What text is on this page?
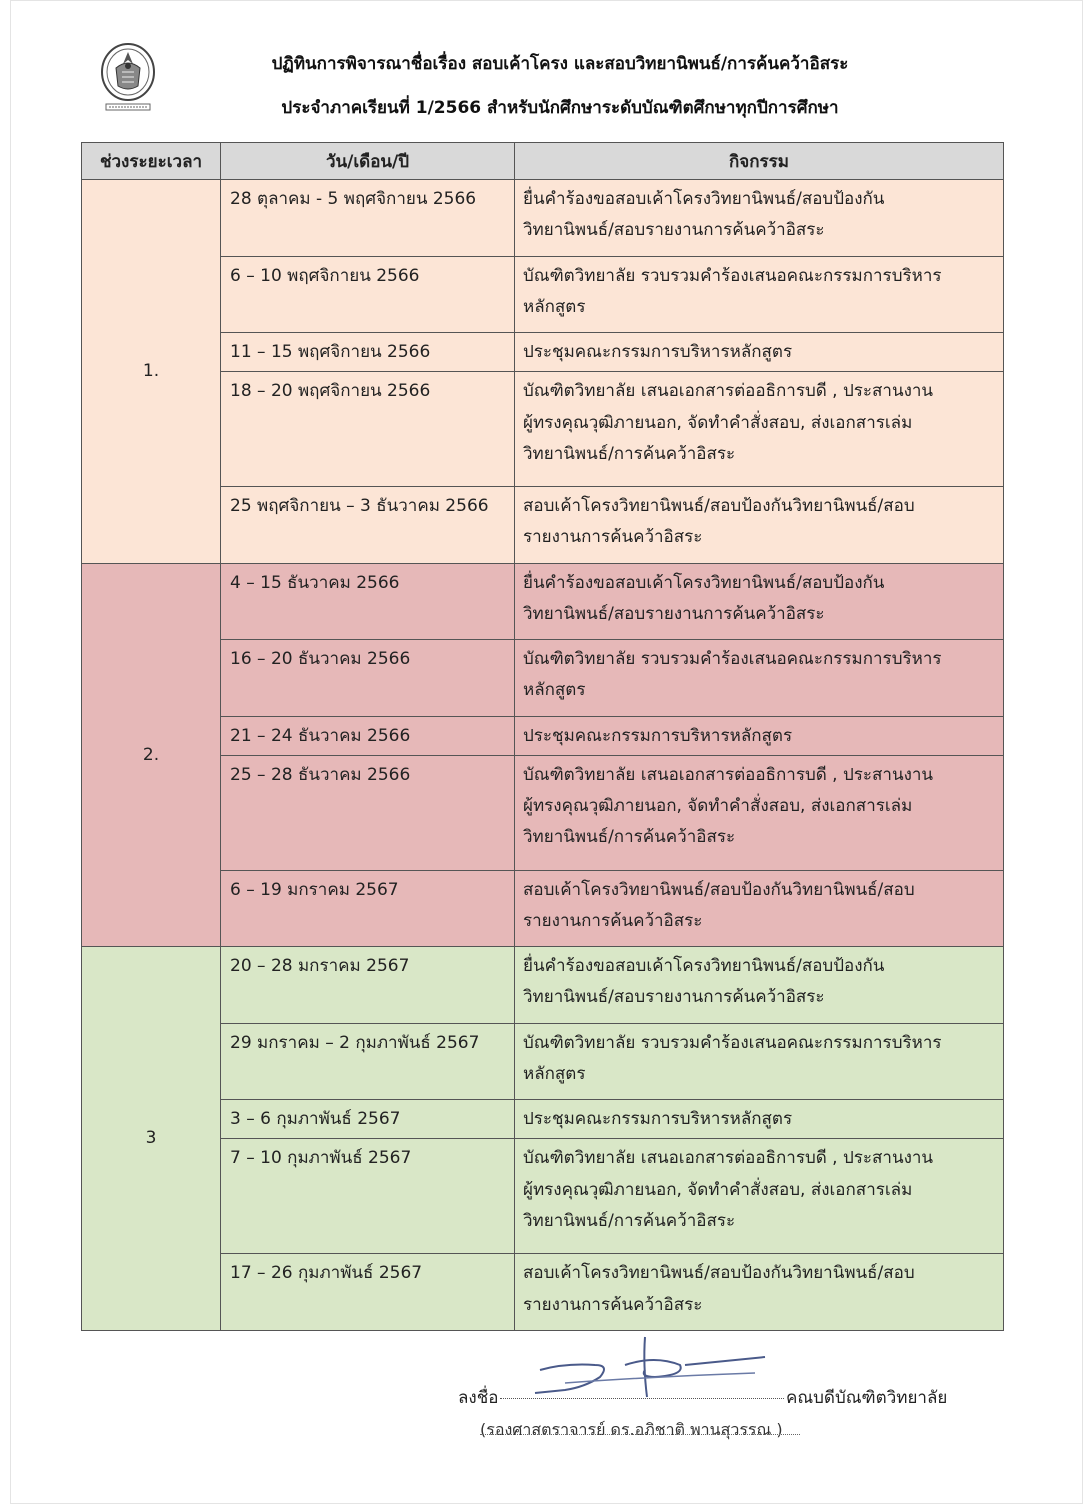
ปฏิทินการพิจารณาชื่อเรื่อง สอบเค้าโครง และสอบวิทยานิพนธ์/การค้นคว้าอิสระ
ประจำภาคเรียนที่ 1/2566 สำหรับนักศึกษาระดับบัณฑิตศึกษาทุกปีการศึกษา
ช่วงระยะเวลา	วัน/เดือน/ปี	กิจกรรม
1.	28 ตุลาคม - 5 พฤศจิกายน 2566	ยื่นคำร้องขอสอบเค้าโครงวิทยานิพนธ์/สอบป้องกัน
วิทยานิพนธ์/สอบรายงานการค้นคว้าอิสระ

	6 – 10 พฤศจิกายน 2566	บัณฑิตวิทยาลัย รวบรวมคำร้องเสนอคณะกรรมการบริหาร
หลักสูตร

	11 – 15 พฤศจิกายน 2566	ประชุมคณะกรรมการบริหารหลักสูตร

	18 – 20 พฤศจิกายน 2566	บัณฑิตวิทยาลัย เสนอเอกสารต่ออธิการบดี , ประสานงาน
ผู้ทรงคุณวุฒิภายนอก, จัดทำคำสั่งสอบ, ส่งเอกสารเล่ม
วิทยานิพนธ์/การค้นคว้าอิสระ

	25 พฤศจิกายน – 3 ธันวาคม 2566	สอบเค้าโครงวิทยานิพนธ์/สอบป้องกันวิทยานิพนธ์/สอบ
รายงานการค้นคว้าอิสระ

2.	4 – 15 ธันวาคม 2566	ยื่นคำร้องขอสอบเค้าโครงวิทยานิพนธ์/สอบป้องกัน
วิทยานิพนธ์/สอบรายงานการค้นคว้าอิสระ

	16 – 20 ธันวาคม 2566	บัณฑิตวิทยาลัย รวบรวมคำร้องเสนอคณะกรรมการบริหาร
หลักสูตร

	21 – 24 ธันวาคม 2566	ประชุมคณะกรรมการบริหารหลักสูตร

	25 – 28 ธันวาคม 2566	บัณฑิตวิทยาลัย เสนอเอกสารต่ออธิการบดี , ประสานงาน
ผู้ทรงคุณวุฒิภายนอก, จัดทำคำสั่งสอบ, ส่งเอกสารเล่ม
วิทยานิพนธ์/การค้นคว้าอิสระ

	6 – 19 มกราคม 2567	สอบเค้าโครงวิทยานิพนธ์/สอบป้องกันวิทยานิพนธ์/สอบ
รายงานการค้นคว้าอิสระ

3	20 – 28 มกราคม 2567	ยื่นคำร้องขอสอบเค้าโครงวิทยานิพนธ์/สอบป้องกัน
วิทยานิพนธ์/สอบรายงานการค้นคว้าอิสระ

	29 มกราคม – 2 กุมภาพันธ์ 2567	บัณฑิตวิทยาลัย รวบรวมคำร้องเสนอคณะกรรมการบริหาร
หลักสูตร

	3 – 6 กุมภาพันธ์ 2567	ประชุมคณะกรรมการบริหารหลักสูตร

	7 – 10 กุมภาพันธ์ 2567	บัณฑิตวิทยาลัย เสนอเอกสารต่ออธิการบดี , ประสานงาน
ผู้ทรงคุณวุฒิภายนอก, จัดทำคำสั่งสอบ, ส่งเอกสารเล่ม
วิทยานิพนธ์/การค้นคว้าอิสระ

	17 – 26 กุมภาพันธ์ 2567	สอบเค้าโครงวิทยานิพนธ์/สอบป้องกันวิทยานิพนธ์/สอบ
รายงานการค้นคว้าอิสระ
ลงชื่อ	คณบดีบัณฑิตวิทยาลัย
(รองศาสตราจารย์ ดร.อภิชาติ พานสุวรรณ )
